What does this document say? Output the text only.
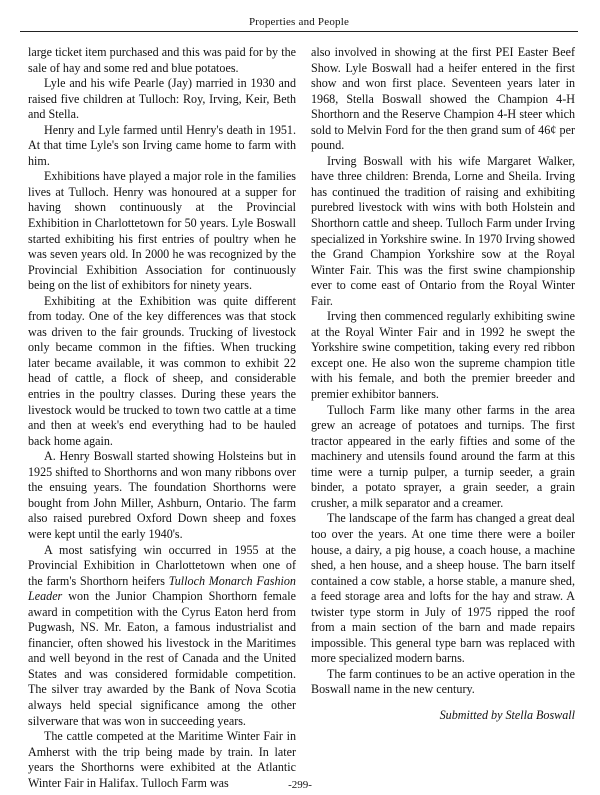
Properties and People

large ticket item purchased and this was paid for by the sale of hay and some red and blue potatoes.

Lyle and his wife Pearle (Jay) married in 1930 and raised five children at Tulloch: Roy, Irving, Keir, Beth and Stella.

Henry and Lyle farmed until Henry's death in 1951. At that time Lyle's son Irving came home to farm with him.

Exhibitions have played a major role in the families lives at Tulloch. Henry was honoured at a supper for having shown continuously at the Provincial Exhibition in Charlottetown for 50 years. Lyle Boswall started exhibiting his first entries of poultry when he was seven years old. In 2000 he was recognized by the Provincial Exhibition Association for continuously being on the list of exhibitors for ninety years.

Exhibiting at the Exhibition was quite different from today. One of the key differences was that stock was driven to the fair grounds. Trucking of livestock only became common in the fifties. When trucking later became available, it was common to exhibit 22 head of cattle, a flock of sheep, and considerable entries in the poultry classes. During these years the livestock would be trucked to town two cattle at a time and then at week's end everything had to be hauled back home again.

A. Henry Boswall started showing Holsteins but in 1925 shifted to Shorthorns and won many ribbons over the ensuing years. The foundation Shorthorns were bought from John Miller, Ashburn, Ontario. The farm also raised purebred Oxford Down sheep and foxes were kept until the early 1940's.

A most satisfying win occurred in 1955 at the Provincial Exhibition in Charlottetown when one of the farm's Shorthorn heifers Tulloch Monarch Fashion Leader won the Junior Champion Shorthorn female award in competition with the Cyrus Eaton herd from Pugwash, NS. Mr. Eaton, a famous industrialist and financier, often showed his livestock in the Maritimes and well beyond in the rest of Canada and the United States and was considered formidable competition. The silver tray awarded by the Bank of Nova Scotia always held special significance among the other silverware that was won in succeeding years.

The cattle competed at the Maritime Winter Fair in Amherst with the trip being made by train. In later years the Shorthorns were exhibited at the Atlantic Winter Fair in Halifax. Tulloch Farm was

also involved in showing at the first PEI Easter Beef Show. Lyle Boswall had a heifer entered in the first show and won first place. Seventeen years later in 1968, Stella Boswall showed the Champion 4-H Shorthorn and the Reserve Champion 4-H steer which sold to Melvin Ford for the then grand sum of 46¢ per pound.

Irving Boswall with his wife Margaret Walker, have three children: Brenda, Lorne and Sheila. Irving has continued the tradition of raising and exhibiting purebred livestock with wins with both Holstein and Shorthorn cattle and sheep. Tulloch Farm under Irving specialized in Yorkshire swine. In 1970 Irving showed the Grand Champion Yorkshire sow at the Royal Winter Fair. This was the first swine championship ever to come east of Ontario from the Royal Winter Fair.

Irving then commenced regularly exhibiting swine at the Royal Winter Fair and in 1992 he swept the Yorkshire swine competition, taking every red ribbon except one. He also won the supreme champion title with his female, and both the premier breeder and premier exhibitor banners.

Tulloch Farm like many other farms in the area grew an acreage of potatoes and turnips. The first tractor appeared in the early fifties and some of the machinery and utensils found around the farm at this time were a turnip pulper, a turnip seeder, a grain binder, a potato sprayer, a grain seeder, a grain crusher, a milk separator and a creamer.

The landscape of the farm has changed a great deal too over the years. At one time there were a boiler house, a dairy, a pig house, a coach house, a machine shed, a hen house, and a sheep house. The barn itself contained a cow stable, a horse stable, a manure shed, a feed storage area and lofts for the hay and straw. A twister type storm in July of 1975 ripped the roof from a main section of the barn and made repairs impossible. This general type barn was replaced with more specialized modern barns.

The farm continues to be an active operation in the Boswall name in the new century.

Submitted by Stella Boswall

-299-
